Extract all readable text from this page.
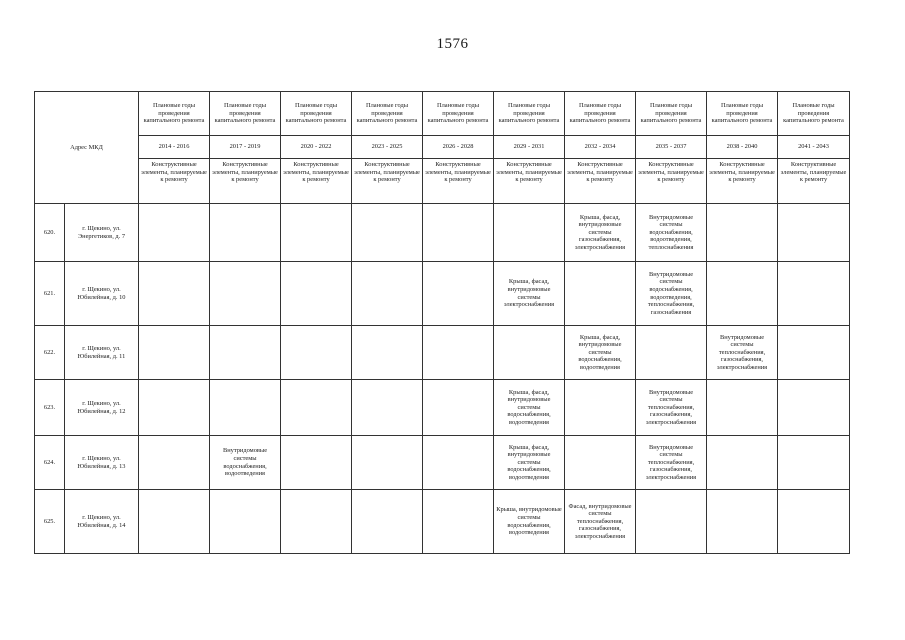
1576
Адрес МКД		Плановые годы проведения капитального ремонта	Плановые годы проведения капитального ремонта	Плановые годы проведения капитального ремонта	Плановые годы проведения капитального ремонта	Плановые годы проведения капитального ремонта	Плановые годы проведения капитального ремонта	Плановые годы проведения капитального ремонта	Плановые годы проведения капитального ремонта	Плановые годы проведения капитального ремонта	Плановые годы проведения капитального ремонта
		2014 - 2016	2017 - 2019	2020 - 2022	2023 - 2025	2026 - 2028	2029 - 2031	2032 - 2034	2035 - 2037	2038 - 2040	2041 - 2043
		Конструктивные элементы, планируемые к ремонту	Конструктивные элементы, планируемые к ремонту	Конструктивные элементы, планируемые к ремонту	Конструктивные элементы, планируемые к ремонту	Конструктивные элементы, планируемые к ремонту	Конструктивные элементы, планируемые к ремонту	Конструктивные элементы, планируемые к ремонту	Конструктивные элементы, планируемые к ремонту	Конструктивные элементы, планируемые к ремонту	Конструктивные элементы, планируемые к ремонту
620.	г. Щекино, ул. Энергетиков, д. 7							Крыша, фасад, внутридомовые системы газоснабжения, электроснабжения	Внутридомовые системы водоснабжения, водоотведения, теплоснабжения		
621.	г. Щекино, ул. Юбилейная, д. 10						Крыша, фасад, внутридомовые системы электроснабжения		Внутридомовые системы водоснабжения, водоотведения, теплоснабжения, газоснабжения		
622.	г. Щекино, ул. Юбилейная, д. 11							Крыша, фасад, внутридомовые системы водоснабжения, водоотведения		Внутридомовые системы теплоснабжения, газоснабжения, электроснабжения	
623.	г. Щекино, ул. Юбилейная, д. 12						Крыша, фасад, внутридомовые системы водоснабжения, водоотведения		Внутридомовые системы теплоснабжения, газоснабжения, электроснабжения		
624.	г. Щекино, ул. Юбилейная, д. 13		Внутридомовые системы водоснабжения, водоотведения				Крыша, фасад, внутридомовые системы водоснабжения, водоотведения		Внутридомовые системы теплоснабжения, газоснабжения, электроснабжения		
625.	г. Щекино, ул. Юбилейная, д. 14						Крыша, внутридомовые системы водоснабжения, водоотведения	Фасад, внутридомовые системы теплоснабжения, газоснабжения, электроснабжения			
